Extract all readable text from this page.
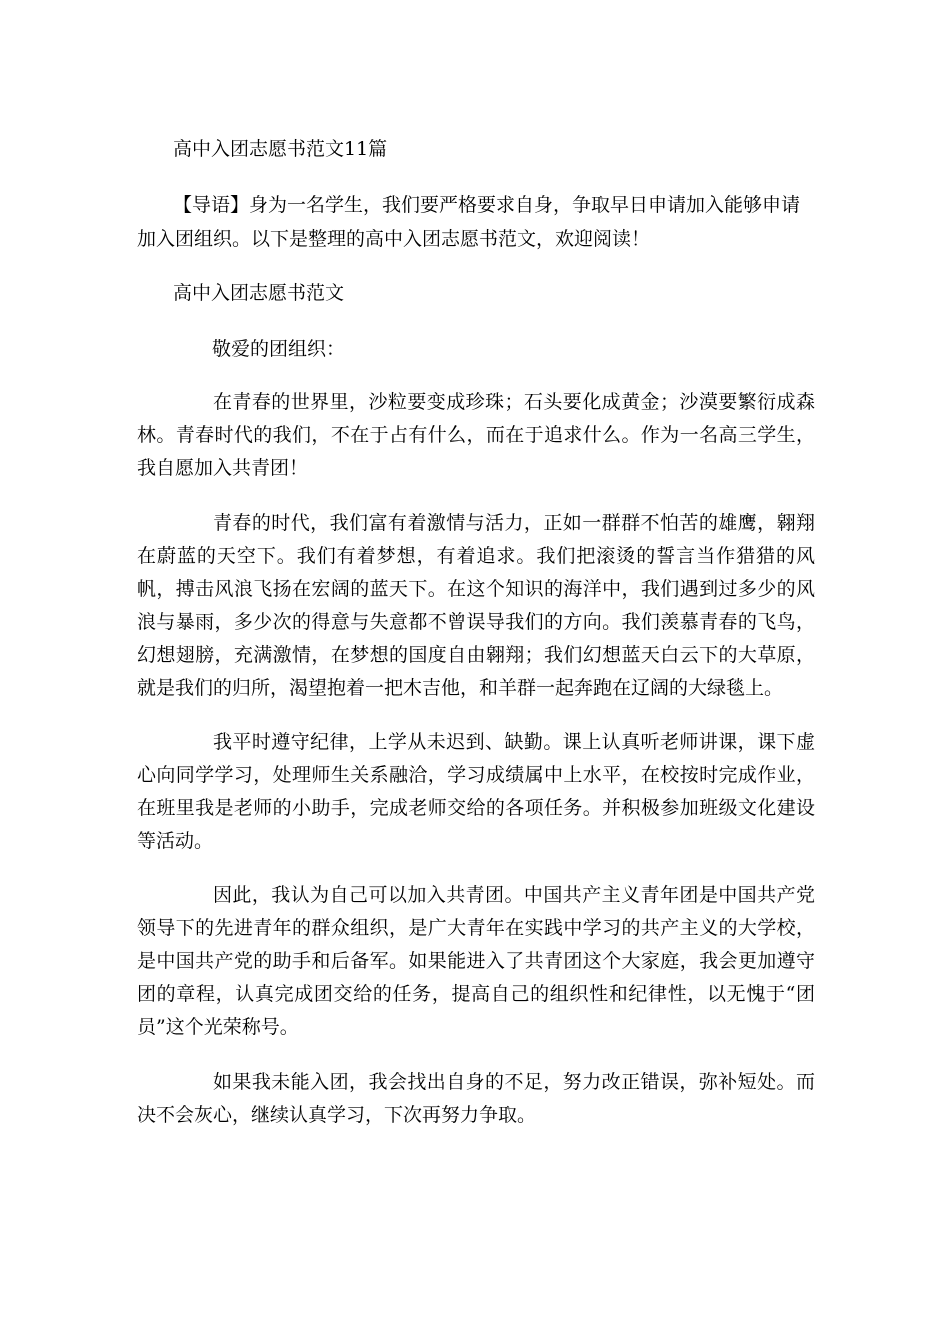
高中入团志愿书范文11篇

【导语】身为一名学生，我们要严格要求自身，争取早日申请加入能够申请加入团组织。以下是整理的高中入团志愿书范文，欢迎阅读！

高中入团志愿书范文
敬爱的团组织：

在青春的世界里，沙粒要变成珍珠；石头要化成黄金；沙漠要繁衍成森林。青春时代的我们，不在于占有什么，而在于追求什么。作为一名高三学生，我自愿加入共青团！

青春的时代，我们富有着激情与活力，正如一群群不怕苦的雄鹰，翱翔在蔚蓝的天空下。我们有着梦想，有着追求。我们把滚烫的誓言当作猎猎的风帆，搏击风浪飞扬在宏阔的蓝天下。在这个知识的海洋中，我们遇到过多少的风浪与暴雨，多少次的得意与失意都不曾误导我们的方向。我们羡慕青春的飞鸟，幻想翅膀，充满激情，在梦想的国度自由翱翔；我们幻想蓝天白云下的大草原，就是我们的归所，渴望抱着一把木吉他，和羊群一起奔跑在辽阔的大绿毯上。

我平时遵守纪律，上学从未迟到、缺勤。课上认真听老师讲课，课下虚心向同学学习，处理师生关系融洽，学习成绩属中上水平，在校按时完成作业，在班里我是老师的小助手，完成老师交给的各项任务。并积极参加班级文化建设等活动。

因此，我认为自己可以加入共青团。中国共产主义青年团是中国共产党领导下的先进青年的群众组织，是广大青年在实践中学习的共产主义的大学校，是中国共产党的助手和后备军。如果能进入了共青团这个大家庭，我会更加遵守团的章程，认真完成团交给的任务，提高自己的组织性和纪律性，以无愧于“团员”这个光荣称号。

如果我未能入团，我会找出自身的不足，努力改正错误，弥补短处。而决不会灰心，继续认真学习，下次再努力争取。
